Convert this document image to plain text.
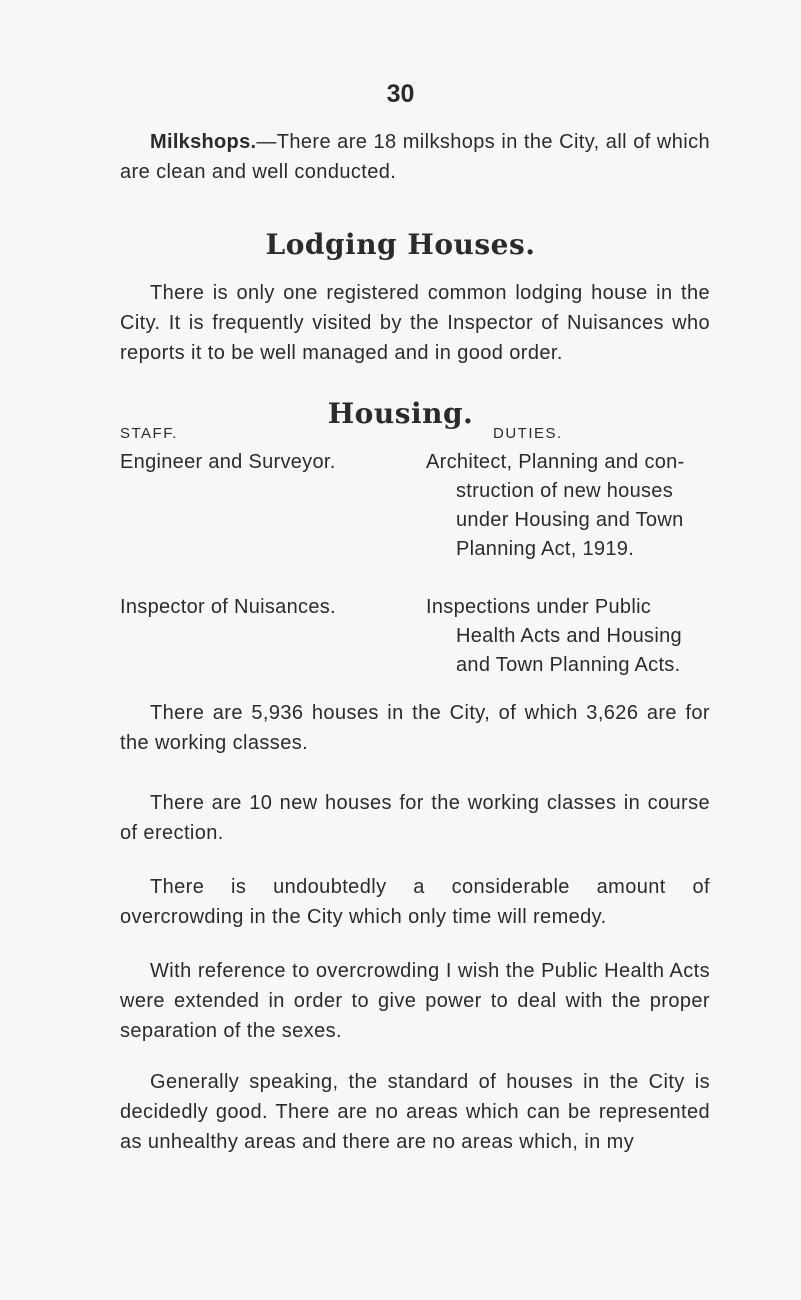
30

Milkshops.—There are 18 milkshops in the City, all of which are clean and well conducted.

Lodging Houses.

There is only one registered common lodging house in the City. It is frequently visited by the Inspector of Nuisances who reports it to be well managed and in good order.

Housing.
STAFF.	DUTIES.
Engineer and Surveyor.	Architect, Planning and con-
struction of new houses
under Housing and Town
Planning Act, 1919.
Inspector of Nuisances.	Inspections under Public
Health Acts and Housing
and Town Planning Acts.

There are 5,936 houses in the City, of which 3,626 are for the working classes.

There are 10 new houses for the working classes in course of erection.

There is undoubtedly a considerable amount of overcrowding in the City which only time will remedy.

With reference to overcrowding I wish the Public Health Acts were extended in order to give power to deal with the proper separation of the sexes.

Generally speaking, the standard of houses in the City is decidedly good. There are no areas which can be represented as unhealthy areas and there are no areas which, in my
